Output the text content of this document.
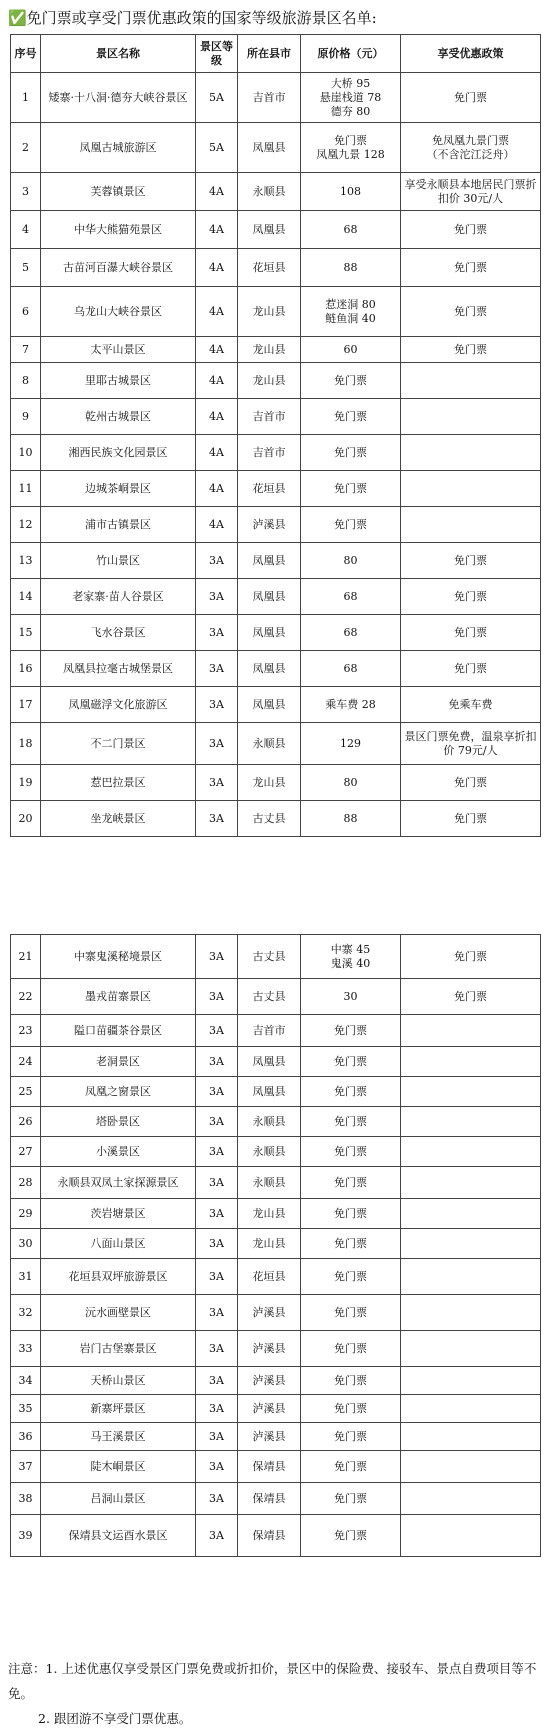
✅免门票或享受门票优惠政策的国家等级旅游景区名单:
序号	景区名称	景区等级	所在县市	原价格（元）	享受优惠政策
1	矮寨·十八洞·德夯大峡谷景区	5A	吉首市	大桥 95
悬崖栈道 78
德夯 80	免门票
2	凤凰古城旅游区	5A	凤凰县	免门票
凤凰九景 128	免凤凰九景门票
（不含沱江泛舟）
3	芙蓉镇景区	4A	永顺县	108	享受永顺县本地居民门票折扣价 30元/人
4	中华大熊猫苑景区	4A	凤凰县	68	免门票
5	古苗河百瀑大峡谷景区	4A	花垣县	88	免门票
6	乌龙山大峡谷景区	4A	龙山县	惹迷洞 80
鲢鱼洞 40	免门票
7	太平山景区	4A	龙山县	60	免门票
8	里耶古城景区	4A	龙山县	免门票	
9	乾州古城景区	4A	吉首市	免门票	
10	湘西民族文化园景区	4A	吉首市	免门票	
11	边城茶峒景区	4A	花垣县	免门票	
12	浦市古镇景区	4A	泸溪县	免门票	
13	竹山景区	3A	凤凰县	80	免门票
14	老家寨·苗人谷景区	3A	凤凰县	68	免门票
15	飞水谷景区	3A	凤凰县	68	免门票
16	凤凰县拉毫古城堡景区	3A	凤凰县	68	免门票
17	凤凰磁浮文化旅游区	3A	凤凰县	乘车费 28	免乘车费
18	不二门景区	3A	永顺县	129	景区门票免费，温泉享折扣价 79元/人
19	惹巴拉景区	3A	龙山县	80	免门票
20	坐龙峡景区	3A	古丈县	88	免门票
21	中寨鬼溪秘境景区	3A	古丈县	中寨 45
鬼溪 40	免门票
22	墨戎苗寨景区	3A	古丈县	30	免门票
23	隘口苗疆茶谷景区	3A	吉首市	免门票	
24	老洞景区	3A	凤凰县	免门票	
25	凤凰之窗景区	3A	凤凰县	免门票	
26	塔卧景区	3A	永顺县	免门票	
27	小溪景区	3A	永顺县	免门票	
28	永顺县双凤土家探源景区	3A	永顺县	免门票	
29	茨岩塘景区	3A	龙山县	免门票	
30	八面山景区	3A	龙山县	免门票	
31	花垣县双坪旅游景区	3A	花垣县	免门票	
32	沅水画壁景区	3A	泸溪县	免门票	
33	岩门古堡寨景区	3A	泸溪县	免门票	
34	天桥山景区	3A	泸溪县	免门票	
35	新寨坪景区	3A	泸溪县	免门票	
36	马王溪景区	3A	泸溪县	免门票	
37	陡木峒景区	3A	保靖县	免门票	
38	吕洞山景区	3A	保靖县	免门票	
39	保靖县文运酉水景区	3A	保靖县	免门票	
注意：1. 上述优惠仅享受景区门票免费或折扣价，景区中的保险费、接驳车、景点自费项目等不免。
2. 跟团游不享受门票优惠。
